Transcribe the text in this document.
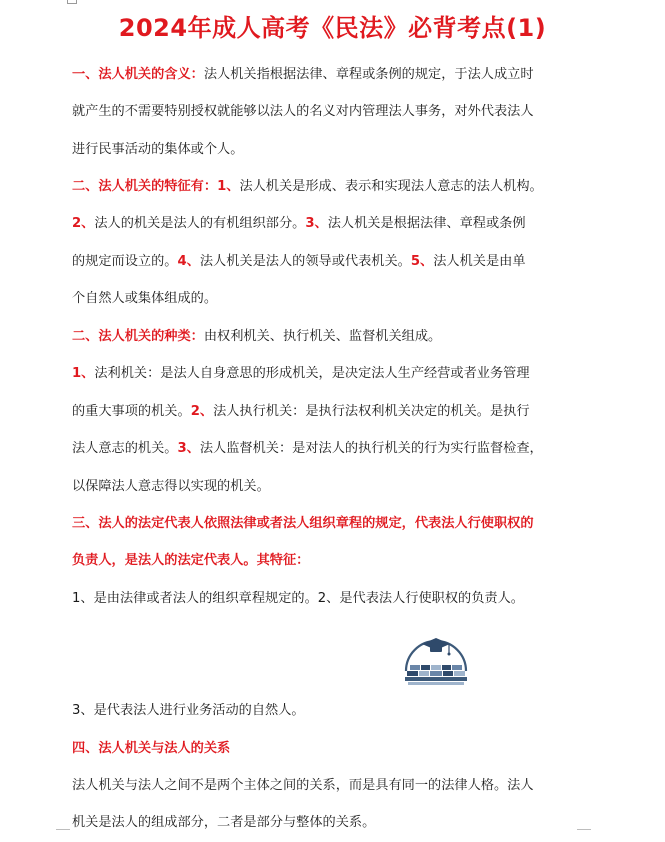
2024年成人高考《民法》必背考点(1)

一、法人机关的含义：法人机关指根据法律、章程或条例的规定，于法人成立时

就产生的不需要特别授权就能够以法人的名义对内管理法人事务，对外代表法人

进行民事活动的集体或个人。

二、法人机关的特征有：1、法人机关是形成、表示和实现法人意志的法人机构。

2、法人的机关是法人的有机组织部分。3、法人机关是根据法律、章程或条例

的规定而设立的。4、法人机关是法人的领导或代表机关。5、法人机关是由单

个自然人或集体组成的。

二、法人机关的种类：由权利机关、执行机关、监督机关组成。

1、法利机关：是法人自身意思的形成机关，是决定法人生产经营或者业务管理

的重大事项的机关。2、法人执行机关：是执行法权利机关决定的机关。是执行

法人意志的机关。3、法人监督机关：是对法人的执行机关的行为实行监督检查，

以保障法人意志得以实现的机关。

三、法人的法定代表人依照法律或者法人组织章程的规定，代表法人行使职权的

负责人，是法人的法定代表人。其特征：

1、是由法律或者法人的组织章程规定的。2、是代表法人行使职权的负责人。

3、是代表法人进行业务活动的自然人。

四、法人机关与法人的关系

法人机关与法人之间不是两个主体之间的关系，而是具有同一的法律人格。法人

机关是法人的组成部分，二者是部分与整体的关系。
